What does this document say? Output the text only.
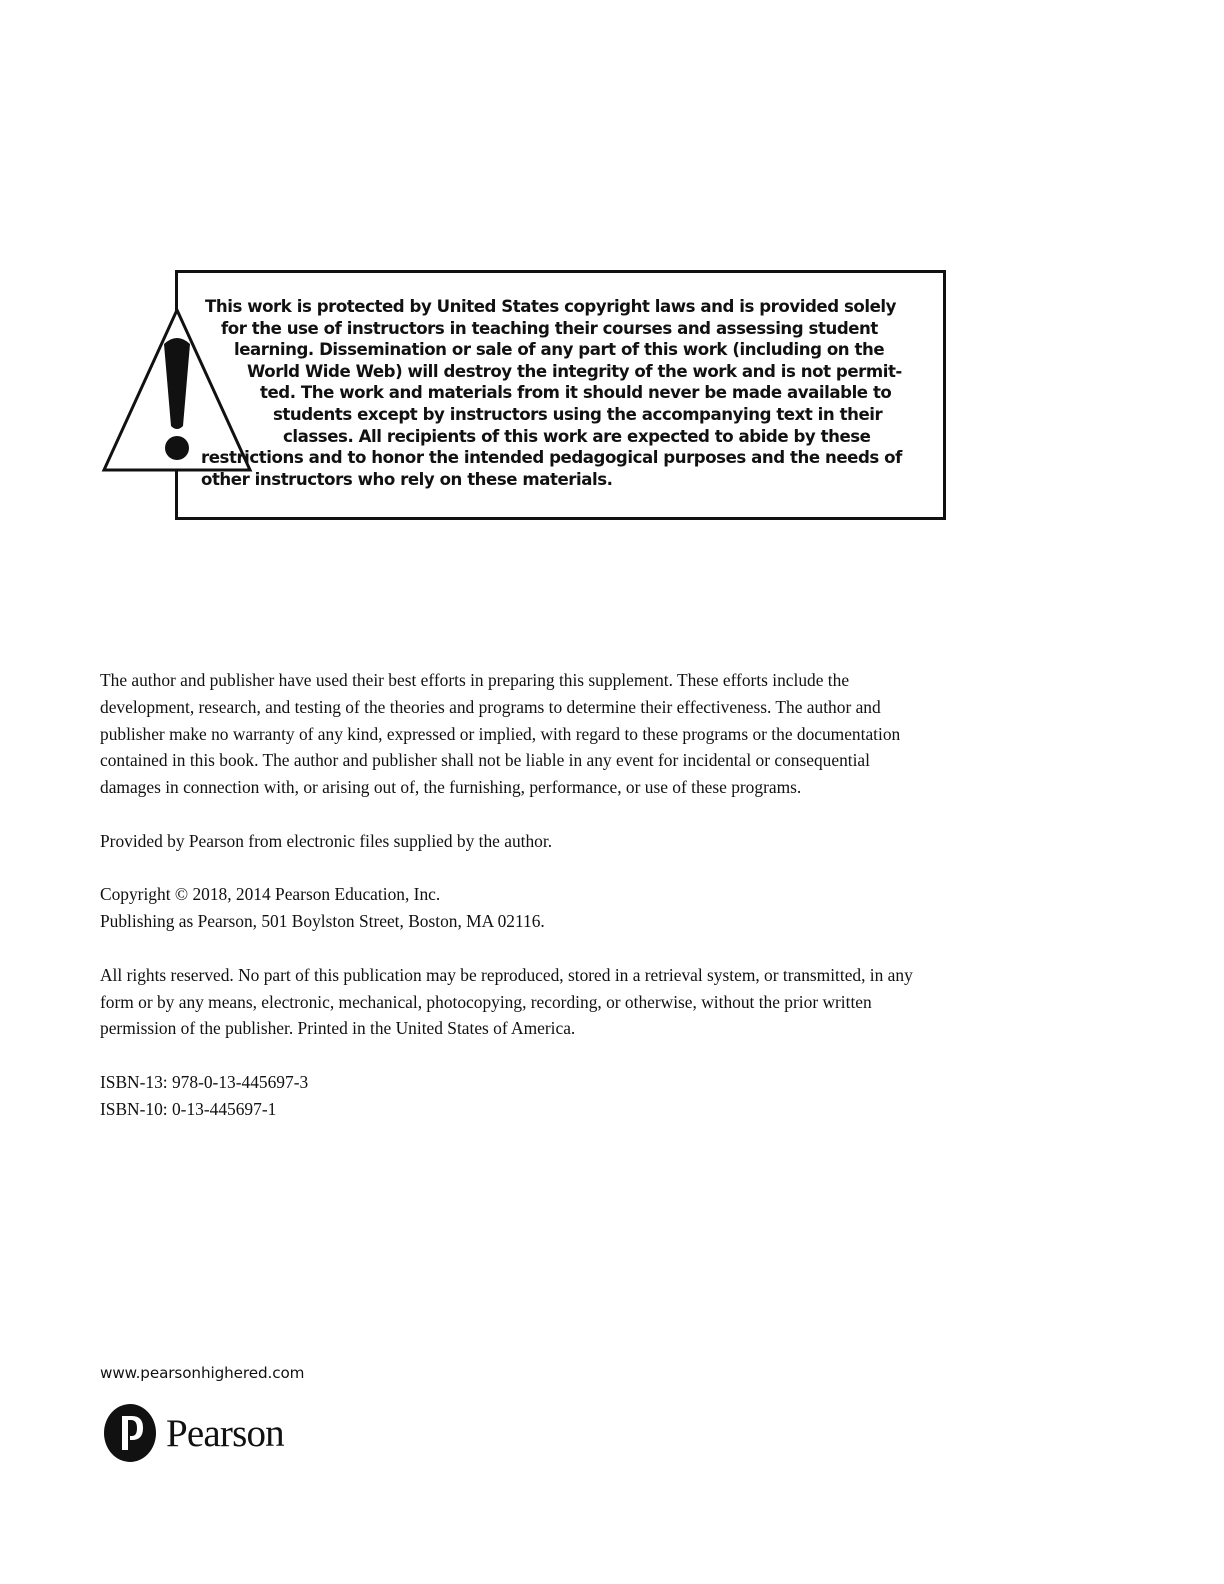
This work is protected by United States copyright laws and is provided solely
for the use of instructors in teaching their courses and assessing student
learning. Dissemination or sale of any part of this work (including on the
World Wide Web) will destroy the integrity of the work and is not permit-
ted. The work and materials from it should never be made available to
students except by instructors using the accompanying text in their
classes. All recipients of this work are expected to abide by these
restrictions and to honor the intended pedagogical purposes and the needs of
other instructors who rely on these materials.

The author and publisher have used their best efforts in preparing this supplement. These efforts include the
development, research, and testing of the theories and programs to determine their effectiveness. The author and
publisher make no warranty of any kind, expressed or implied, with regard to these programs or the documentation
contained in this book. The author and publisher shall not be liable in any event for incidental or consequential
damages in connection with, or arising out of, the furnishing, performance, or use of these programs.

Provided by Pearson from electronic files supplied by the author.

Copyright © 2018, 2014 Pearson Education, Inc.
Publishing as Pearson, 501 Boylston Street, Boston, MA 02116.

All rights reserved. No part of this publication may be reproduced, stored in a retrieval system, or transmitted, in any
form or by any means, electronic, mechanical, photocopying, recording, or otherwise, without the prior written
permission of the publisher. Printed in the United States of America.

ISBN-13: 978-0-13-445697-3
ISBN-10: 0-13-445697-1

www.pearsonhighered.com
Pearson
